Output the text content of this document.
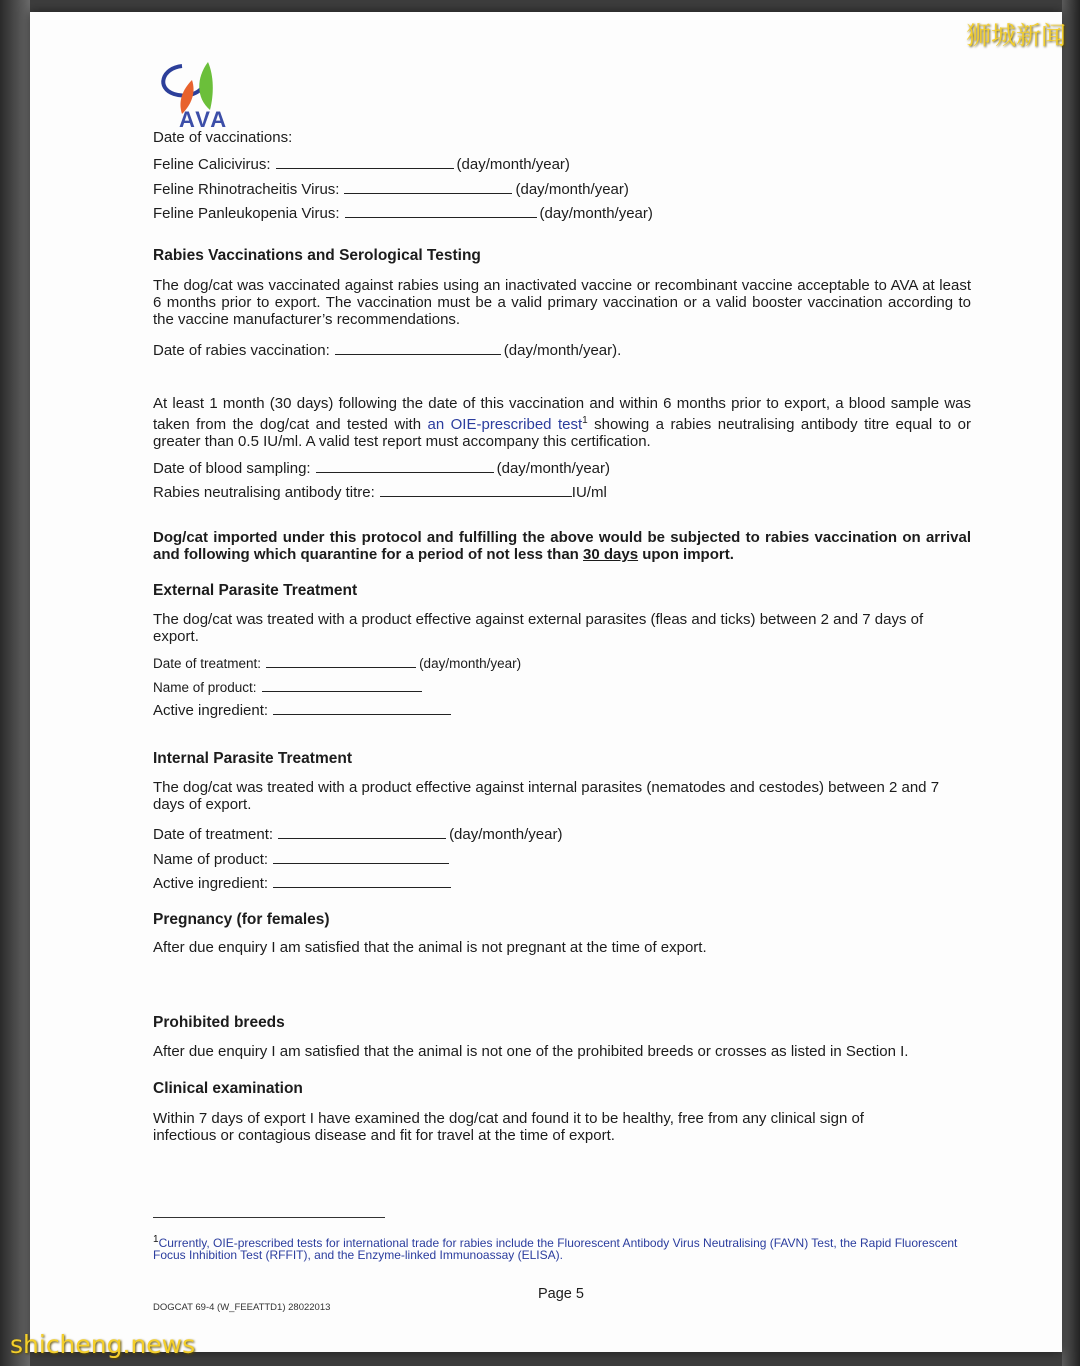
AVA
Date of vaccinations:
Feline Calicivirus:	(day/month/year)
Feline Rhinotracheitis Virus:	(day/month/year)
Feline Panleukopenia Virus:	(day/month/year)
Rabies Vaccinations and Serological Testing
The dog/cat was vaccinated against rabies using an inactivated vaccine or recombinant vaccine acceptable to AVA at least 6 months prior to export. The vaccination must be a valid primary vaccination or a valid booster vaccination according to the vaccine manufacturer’s recommendations.
Date of rabies vaccination:	(day/month/year).
At least 1 month (30 days) following the date of this vaccination and within 6 months prior to export, a blood sample was taken from the dog/cat and tested with an OIE-prescribed test$^1$ showing a rabies neutralising antibody titre equal to or greater than 0.5 IU/ml. A valid test report must accompany this certification.
Date of blood sampling:	(day/month/year)
Rabies neutralising antibody titre:	IU/ml
Dog/cat imported under this protocol and fulfilling the above would be subjected to rabies vaccination on arrival and following which quarantine for a period of not less than 30 days upon import.
External Parasite Treatment
The dog/cat was treated with a product effective against external parasites (fleas and ticks) between 2 and 7 days of export.
Date of treatment:	(day/month/year)
Name of product:
Active ingredient:
Internal Parasite Treatment
The dog/cat was treated with a product effective against internal parasites (nematodes and cestodes) between 2 and 7 days of export.
Date of treatment:	(day/month/year)
Name of product:
Active ingredient:
Pregnancy (for females)
After due enquiry I am satisfied that the animal is not pregnant at the time of export.
Prohibited breeds
After due enquiry I am satisfied that the animal is not one of the prohibited breeds or crosses as listed in Section I.
Clinical examination
Within 7 days of export I have examined the dog/cat and found it to be healthy, free from any clinical sign of infectious or contagious disease and fit for travel at the time of export.
$^1$Currently, OIE-prescribed tests for international trade for rabies include the Fluorescent Antibody Virus Neutralising (FAVN) Test, the Rapid Fluorescent Focus Inhibition Test (RFFIT), and the Enzyme-linked Immunoassay (ELISA).
Page 5
DOGCAT 69-4 (W_FEEATTD1) 28022013
狮城新闻
shicheng.news
